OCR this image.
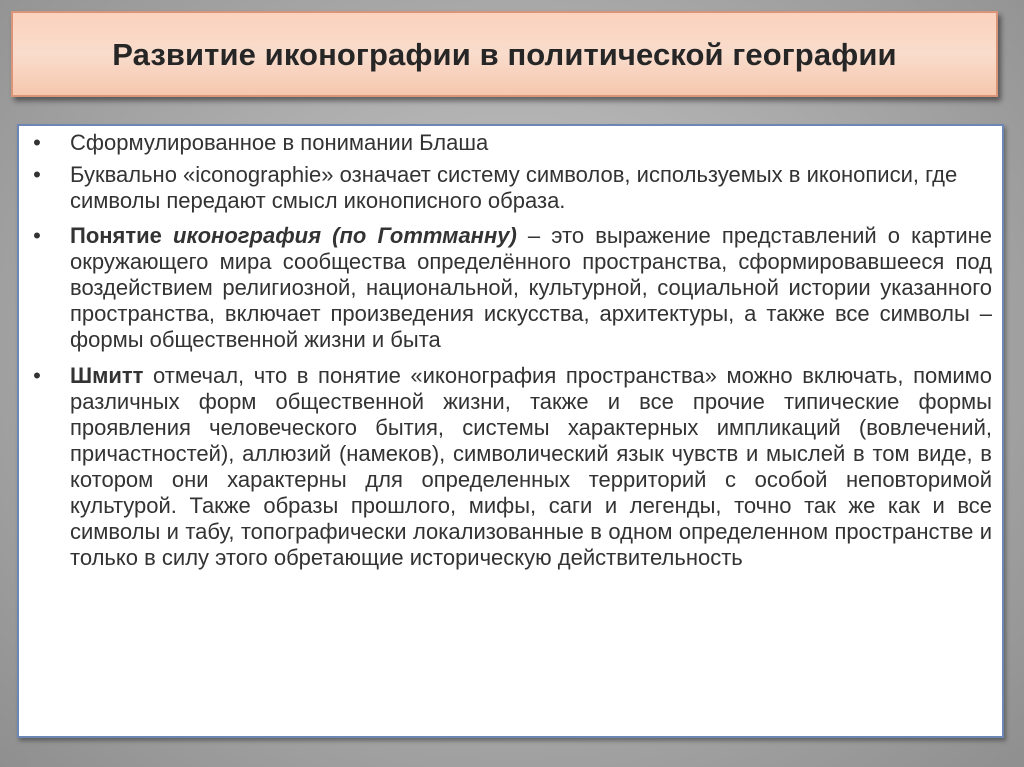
Развитие иконографии в политической географии
• Сформулированное в понимании Блаша
• Буквально «iconographie» означает систему символов, используемых в иконописи, где символы передают смысл иконописного образа.
• Понятие иконография (по Готтманну) – это выражение представлений о картине окружающего мира сообщества определённого пространства, сформировавшееся под воздействием религиозной, национальной, культурной, социальной истории указанного пространства, включает произведения искусства, архитектуры, а также все символы – формы общественной жизни и быта
• Шмитт отмечал, что в понятие «иконография пространства» можно включать, помимо различных форм общественной жизни, также и все прочие типические формы проявления человеческого бытия, системы характерных импликаций (вовлечений, причастностей), аллюзий (намеков), символический язык чувств и мыслей в том виде, в котором они характерны для определенных территорий с особой неповторимой культурой. Также образы прошлого, мифы, саги и легенды, точно так же как и все символы и табу, топографически локализованные в одном определенном пространстве и только в силу этого обретающие историческую действительность
